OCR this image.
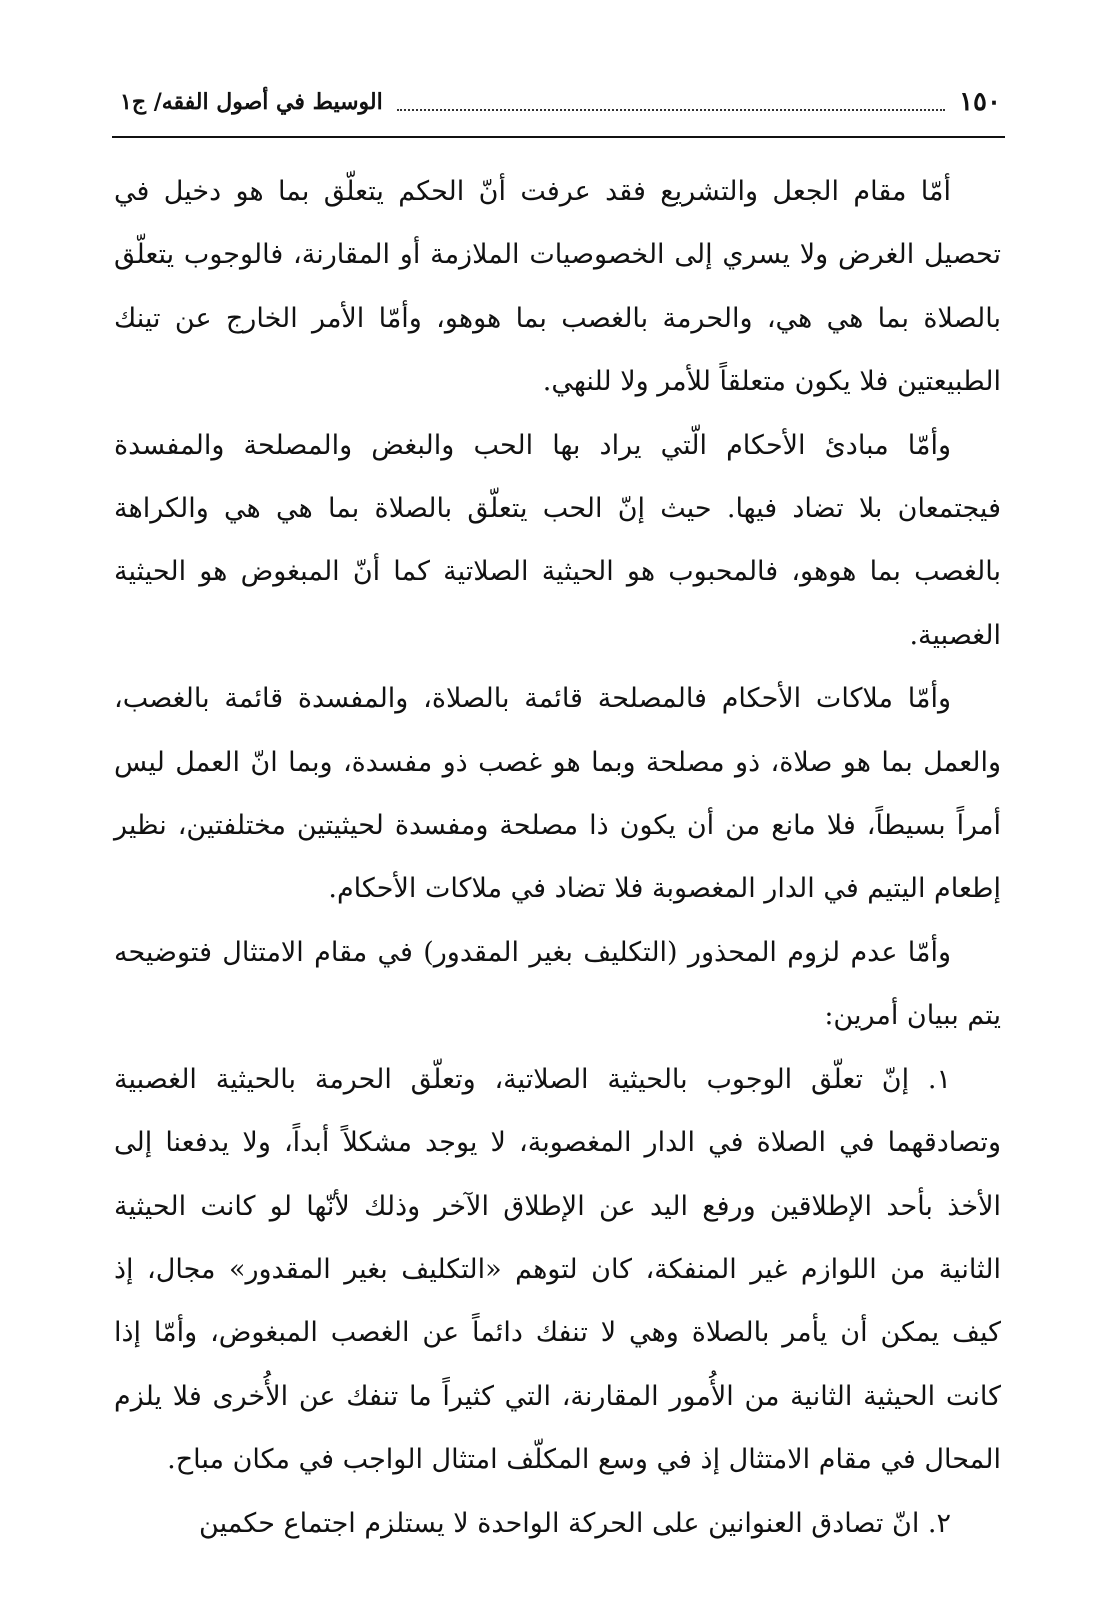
١٥٠
الوسيط في أصول الفقه/ ج١

أمّا مقام الجعل والتشريع فقد عرفت أنّ الحكم يتعلّق بما هو دخيل في تحصيل الغرض ولا يسري إلى الخصوصيات الملازمة أو المقارنة، فالوجوب يتعلّق بالصلاة بما هي هي، والحرمة بالغصب بما هوهو، وأمّا الأمر الخارج عن تينك الطبيعتين فلا يكون متعلقاً للأمر ولا للنهي.

وأمّا مبادئ الأحكام الّتي يراد بها الحب والبغض والمصلحة والمفسدة فيجتمعان بلا تضاد فيها. حيث إنّ الحب يتعلّق بالصلاة بما هي هي والكراهة بالغصب بما هوهو، فالمحبوب هو الحيثية الصلاتية كما أنّ المبغوض هو الحيثية الغصبية.

وأمّا ملاكات الأحكام فالمصلحة قائمة بالصلاة، والمفسدة قائمة بالغصب، والعمل بما هو صلاة، ذو مصلحة وبما هو غصب ذو مفسدة، وبما انّ العمل ليس أمراً بسيطاً، فلا مانع من أن يكون ذا مصلحة ومفسدة لحيثيتين مختلفتين، نظير إطعام اليتيم في الدار المغصوبة فلا تضاد في ملاكات الأحكام.

وأمّا عدم لزوم المحذور (التكليف بغير المقدور) في مقام الامتثال فتوضيحه يتم ببيان أمرين:

١. إنّ تعلّق الوجوب بالحيثية الصلاتية، وتعلّق الحرمة بالحيثية الغصبية وتصادقهما في الصلاة في الدار المغصوبة، لا يوجد مشكلاً أبداً، ولا يدفعنا إلى الأخذ بأحد الإطلاقين ورفع اليد عن الإطلاق الآخر وذلك لأنّها لو كانت الحيثية الثانية من اللوازم غير المنفكة، كان لتوهم «التكليف بغير المقدور» مجال، إذ كيف يمكن أن يأمر بالصلاة وهي لا تنفك دائماً عن الغصب المبغوض، وأمّا إذا كانت الحيثية الثانية من الأُمور المقارنة، التي كثيراً ما تنفك عن الأُخرى فلا يلزم المحال في مقام الامتثال إذ في وسع المكلّف امتثال الواجب في مكان مباح.

٢. انّ تصادق العنوانين على الحركة الواحدة لا يستلزم اجتماع حكمين
